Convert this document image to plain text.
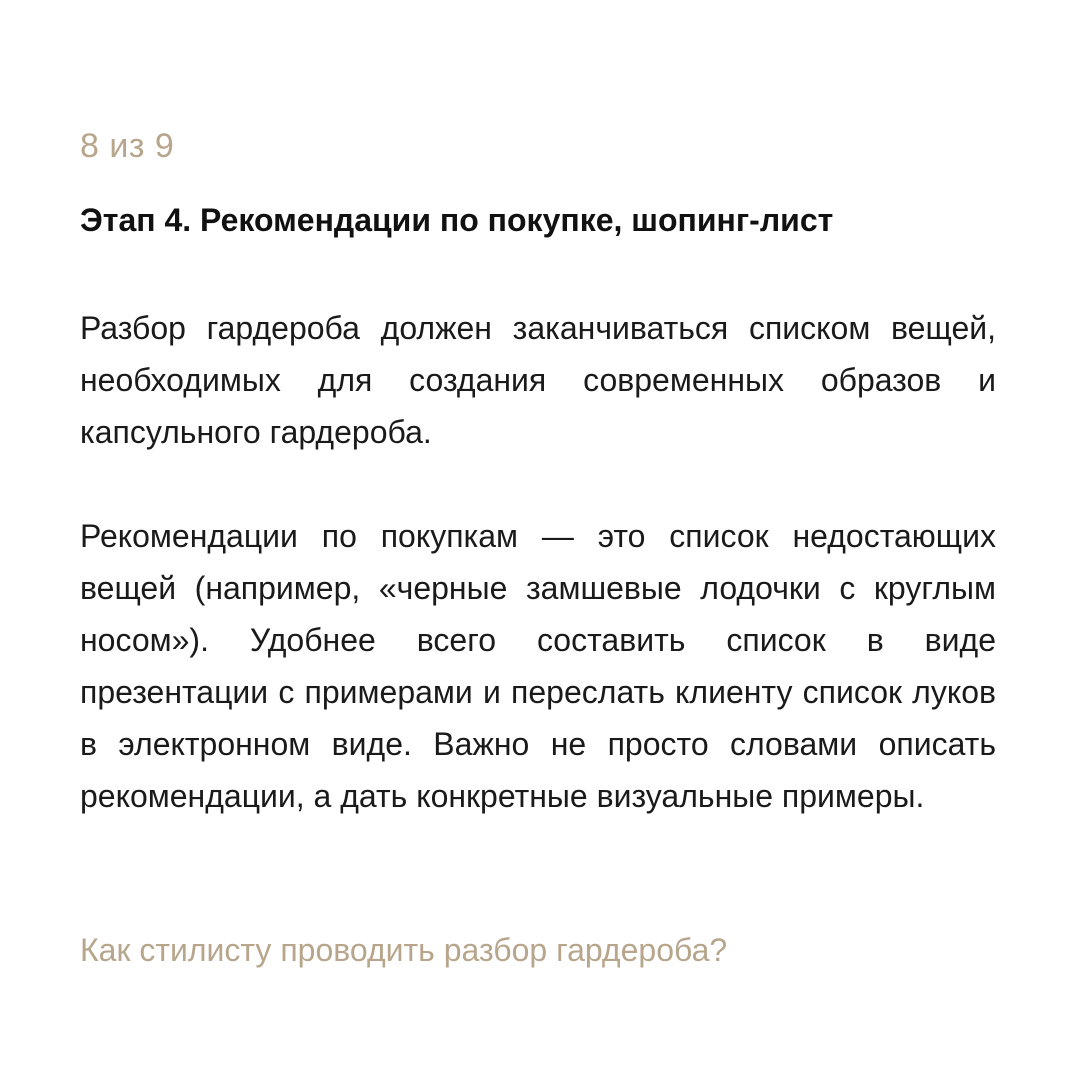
8 из 9
Этап 4. Рекомендации по покупке, шопинг-лист
Разбор гардероба должен заканчиваться списком вещей, необходимых для создания современных образов и капсульного гардероба.
Рекомендации по покупкам — это список недостающих вещей (например, «черные замшевые лодочки с круглым носом»). Удобнее всего составить список в виде презентации с примерами и переслать клиенту список луков в электронном виде. Важно не просто словами описать рекомендации, а дать конкретные визуальные примеры.
Как стилисту проводить разбор гардероба?
